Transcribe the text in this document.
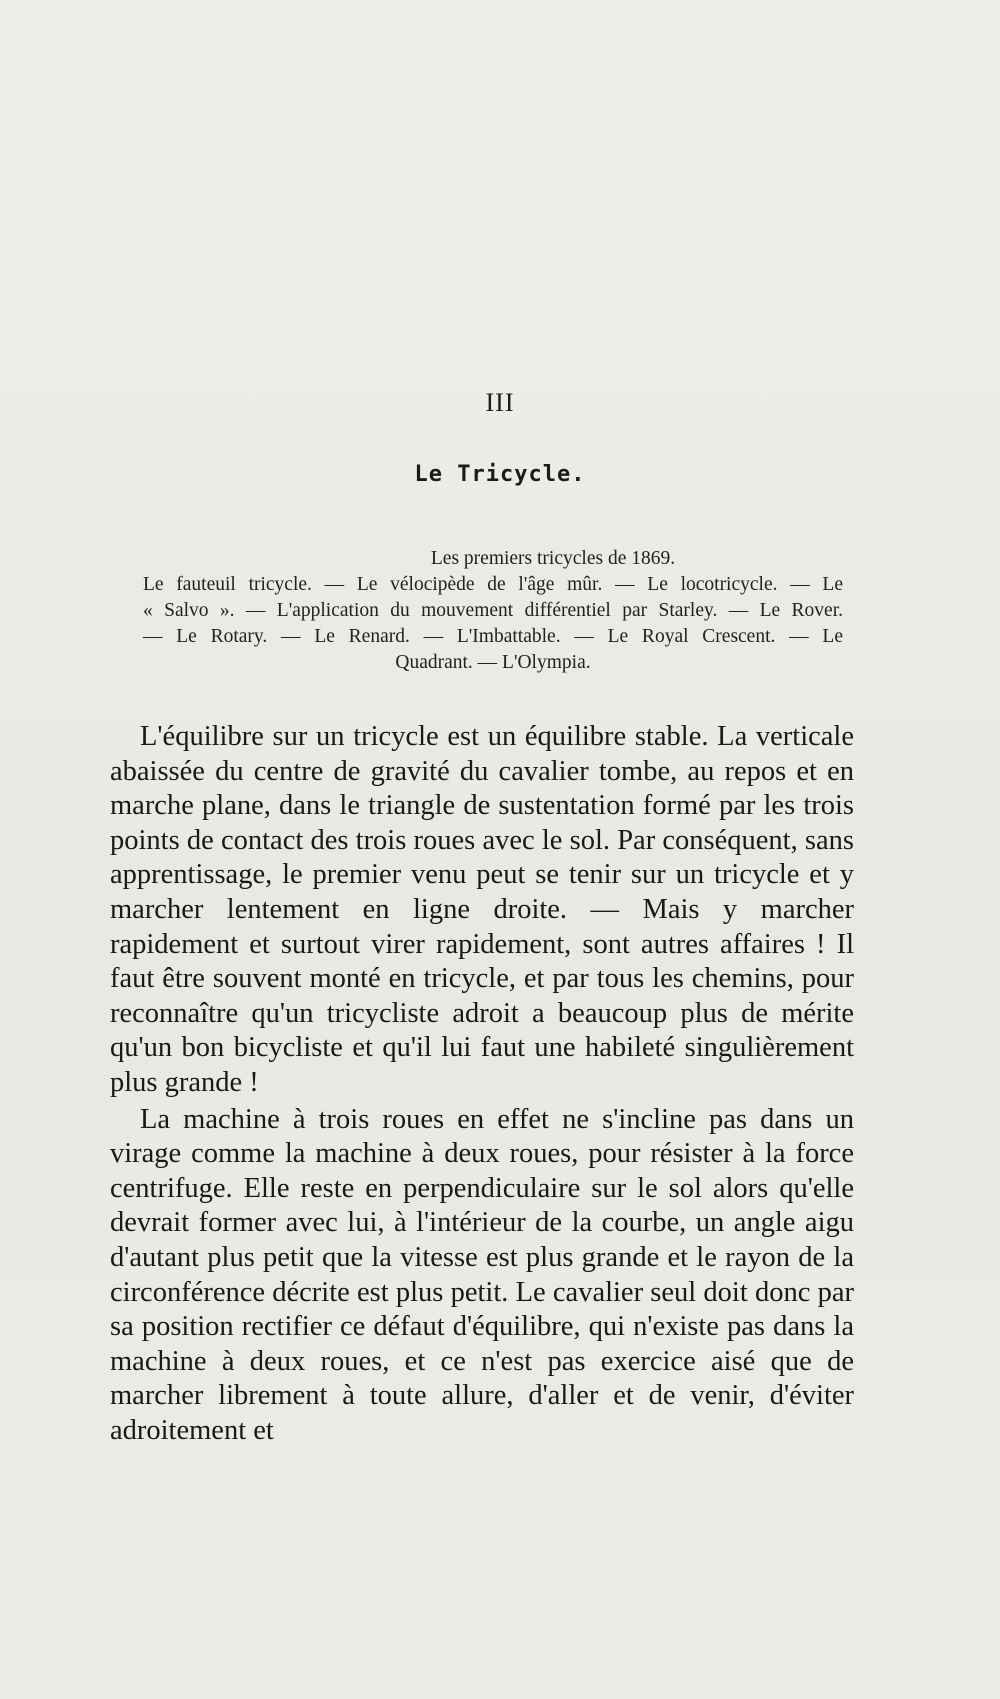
III
Le Tricycle.
Les premiers tricycles de 1869.
Le fauteuil tricycle. — Le vélocipède de l'âge mûr. — Le locotricycle. — Le
« Salvo ». — L'application du mouvement différentiel par Starley. — Le Rover.
— Le Rotary. — Le Renard. — L'Imbattable. — Le Royal Crescent. — Le
Quadrant. — L'Olympia.

L'équilibre sur un tricycle est un équilibre stable. La verticale abaissée du centre de gravité du cavalier tombe, au repos et en marche plane, dans le triangle de sustentation formé par les trois points de contact des trois roues avec le sol. Par conséquent, sans apprentissage, le premier venu peut se tenir sur un tricycle et y marcher lentement en ligne droite. — Mais y marcher rapidement et surtout virer rapidement, sont autres affaires ! Il faut être souvent monté en tricycle, et par tous les chemins, pour reconnaître qu'un tricycliste adroit a beaucoup plus de mérite qu'un bon bicycliste et qu'il lui faut une habileté singulièrement plus grande !

La machine à trois roues en effet ne s'incline pas dans un virage comme la machine à deux roues, pour résister à la force centrifuge. Elle reste en perpendiculaire sur le sol alors qu'elle devrait former avec lui, à l'intérieur de la courbe, un angle aigu d'autant plus petit que la vitesse est plus grande et le rayon de la circonférence décrite est plus petit. Le cavalier seul doit donc par sa position rectifier ce défaut d'équilibre, qui n'existe pas dans la machine à deux roues, et ce n'est pas exercice aisé que de marcher librement à toute allure, d'aller et de venir, d'éviter adroitement et
